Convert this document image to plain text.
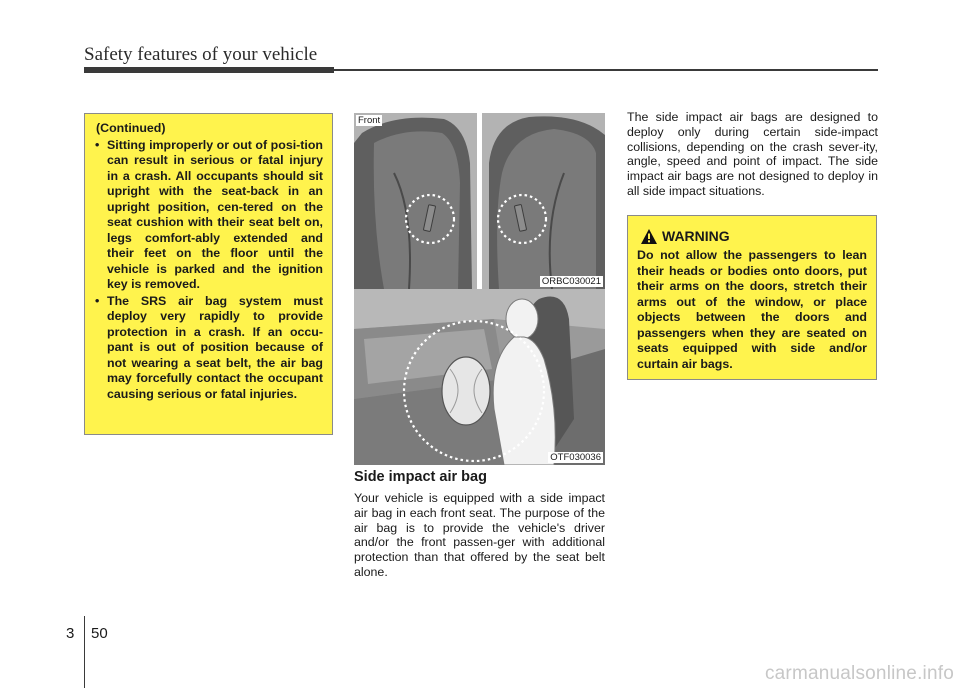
Safety features of your vehicle
(Continued)
• Sitting improperly or out of posi-tion can result in serious or fatal injury in a crash. All occupants should sit upright with the seat-back in an upright position, cen-tered on the seat cushion with their seat belt on, legs comfort-ably extended and their feet on the floor until the vehicle is parked and the ignition key is removed.
• The SRS air bag system must deploy very rapidly to provide protection in a crash. If an occu-pant is out of position because of not wearing a seat belt, the air bag may forcefully contact the occupant causing serious or fatal injuries.
Front
ORBC030021
OTF030036
Side impact air bag
Your vehicle is equipped with a side impact air bag in each front seat. The purpose of the air bag is to provide the vehicle's driver and/or the front passen-ger with additional protection than that offered by the seat belt alone.
The side impact air bags are designed to deploy only during certain side-impact collisions, depending on the crash sever-ity, angle, speed and point of impact. The side impact air bags are not designed to deploy in all side impact situations.
WARNING
Do not allow the passengers to lean their heads or bodies onto doors, put their arms on the doors, stretch their arms out of the window, or place objects between the doors and passengers when they are seated on seats equipped with side and/or curtain air bags.
3 50
carmanualsonline.info
